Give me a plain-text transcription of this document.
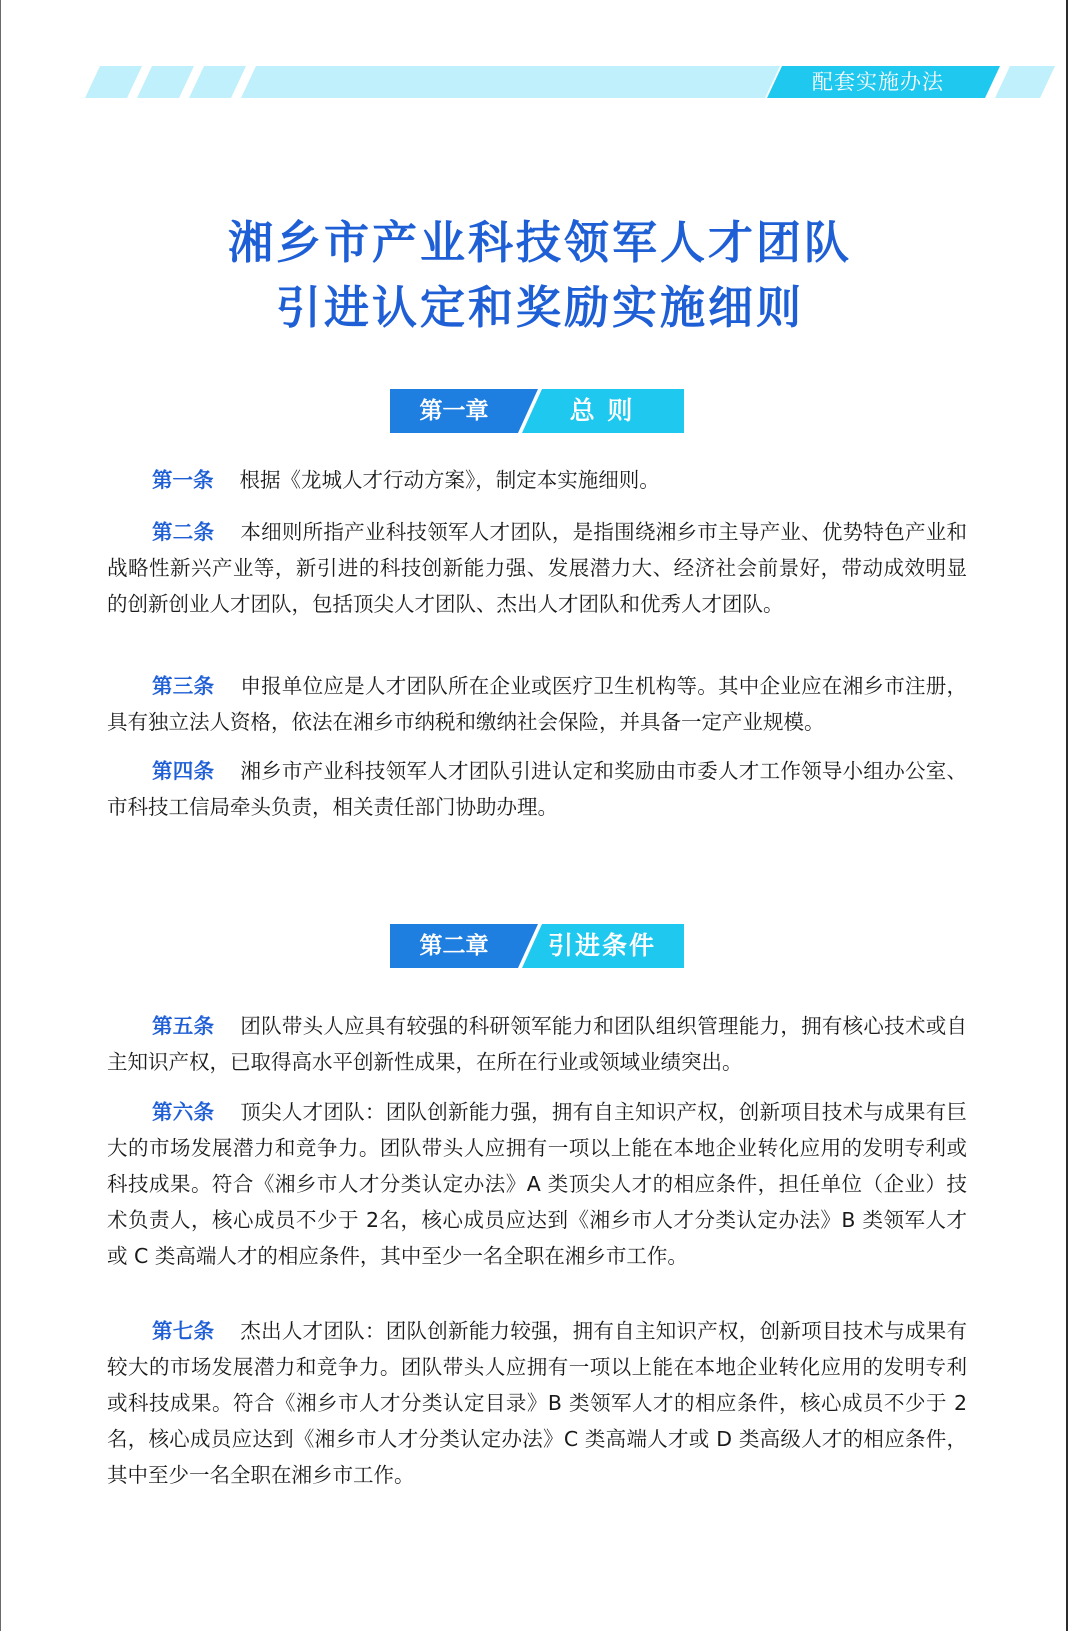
配套实施办法
湘乡市产业科技领军人才团队
引进认定和奖励实施细则
第一章	总 则
第一条 根据《龙城人才行动方案》，制定本实施细则。
第二条 本细则所指产业科技领军人才团队，是指围绕湘乡市主导产业、优势特色产业和战略性新兴产业等，新引进的科技创新能力强、发展潜力大、经济社会前景好，带动成效明显的创新创业人才团队，包括顶尖人才团队、杰出人才团队和优秀人才团队。
第三条 申报单位应是人才团队所在企业或医疗卫生机构等。其中企业应在湘乡市注册，具有独立法人资格，依法在湘乡市纳税和缴纳社会保险，并具备一定产业规模。
第四条 湘乡市产业科技领军人才团队引进认定和奖励由市委人才工作领导小组办公室、市科技工信局牵头负责，相关责任部门协助办理。
第二章	引进条件
第五条 团队带头人应具有较强的科研领军能力和团队组织管理能力，拥有核心技术或自主知识产权，已取得高水平创新性成果，在所在行业或领域业绩突出。
第六条 顶尖人才团队：团队创新能力强，拥有自主知识产权，创新项目技术与成果有巨大的市场发展潜力和竞争力。团队带头人应拥有一项以上能在本地企业转化应用的发明专利或科技成果。符合《湘乡市人才分类认定办法》A 类顶尖人才的相应条件，担任单位（企业）技术负责人，核心成员不少于 2名，核心成员应达到《湘乡市人才分类认定办法》B 类领军人才或 C 类高端人才的相应条件，其中至少一名全职在湘乡市工作。
第七条 杰出人才团队：团队创新能力较强，拥有自主知识产权，创新项目技术与成果有较大的市场发展潜力和竞争力。团队带头人应拥有一项以上能在本地企业转化应用的发明专利或科技成果。符合《湘乡市人才分类认定目录》B 类领军人才的相应条件，核心成员不少于 2名，核心成员应达到《湘乡市人才分类认定办法》C 类高端人才或 D 类高级人才的相应条件，其中至少一名全职在湘乡市工作。
